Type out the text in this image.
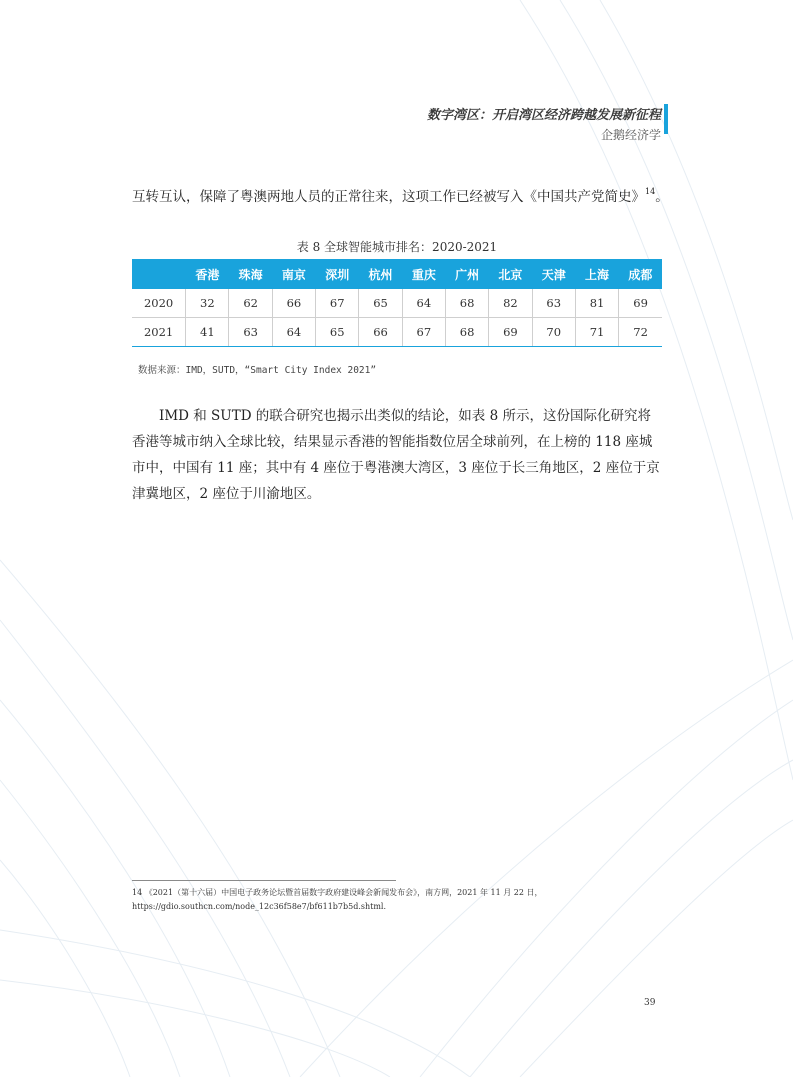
数字湾区：开启湾区经济跨越发展新征程
企鹅经济学
互转互认，保障了粤澳两地人员的正常往来，这项工作已经被写入《中国共产党简史》$^{14}$。
表 8 全球智能城市排名：2020-2021
	香港	珠海	南京	深圳	杭州	重庆	广州	北京	天津	上海	成都
2020	32	62	66	67	65	64	68	82	63	81	69
2021	41	63	64	65	66	67	68	69	70	71	72
数据来源：IMD，SUTD，“Smart City Index 2021”
IMD 和 SUTD 的联合研究也揭示出类似的结论，如表 8 所示，这份国际化研究将香港等城市纳入全球比较，结果显示香港的智能指数位居全球前列，在上榜的 118 座城市中，中国有 11 座；其中有 4 座位于粤港澳大湾区，3 座位于长三角地区，2 座位于京津冀地区，2 座位于川渝地区。
14 《2021（第十六届）中国电子政务论坛暨首届数字政府建设峰会新闻发布会》，南方网，2021 年 11 月 22 日，https://gdio.southcn.com/node_12c36f58e7/bf611b7b5d.shtml.
39
